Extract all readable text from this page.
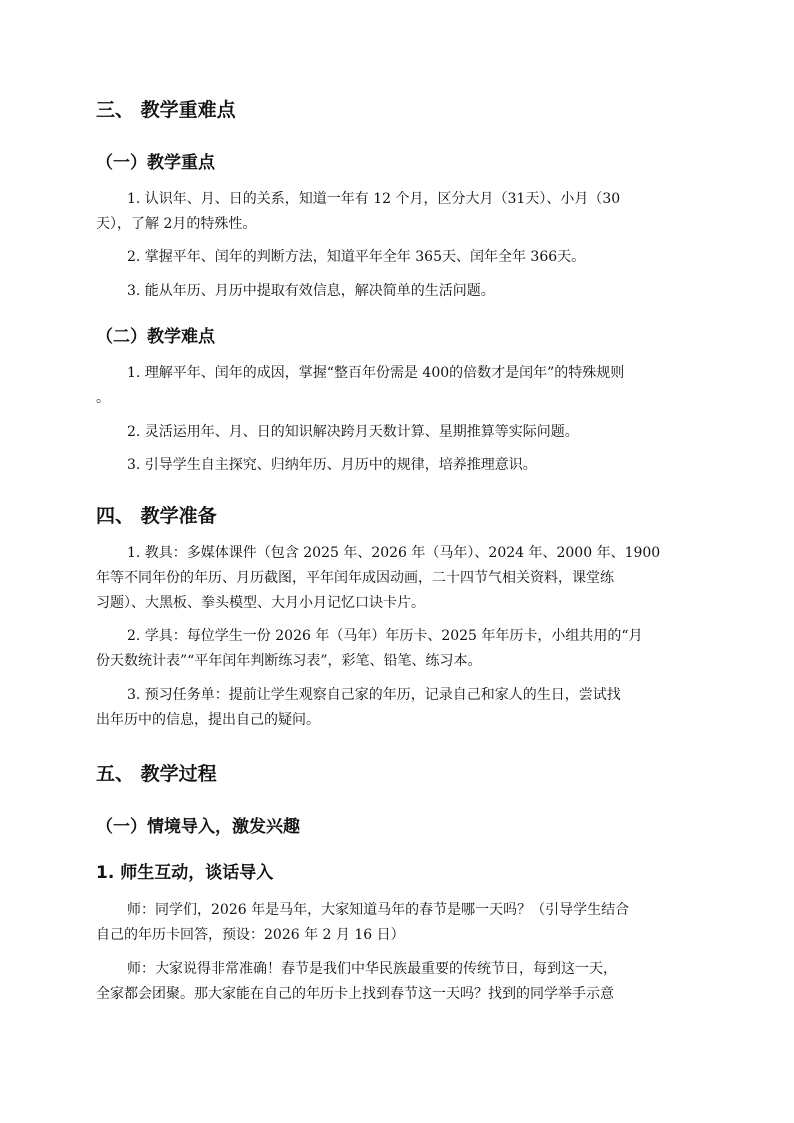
三、 教学重难点
（一）教学重点
1. 认识年、月、日的关系，知道一年有 12 个月，区分大月（31天）、小月（30
天），了解 2月的特殊性。
2. 掌握平年、闰年的判断方法，知道平年全年 365天、闰年全年 366天。
3. 能从年历、月历中提取有效信息，解决简单的生活问题。
（二）教学难点
1. 理解平年、闰年的成因，掌握“整百年份需是 400的倍数才是闰年”的特殊规则
。
2. 灵活运用年、月、日的知识解决跨月天数计算、星期推算等实际问题。
3. 引导学生自主探究、归纳年历、月历中的规律，培养推理意识。
四、 教学准备
1. 教具：多媒体课件（包含 2025 年、2026 年（马年）、2024 年、2000 年、1900
年等不同年份的年历、月历截图，平年闰年成因动画，二十四节气相关资料，课堂练
习题）、大黑板、拳头模型、大月小月记忆口诀卡片。
2. 学具：每位学生一份 2026 年（马年）年历卡、2025 年年历卡，小组共用的“月
份天数统计表”“平年闰年判断练习表”，彩笔、铅笔、练习本。
3. 预习任务单：提前让学生观察自己家的年历，记录自己和家人的生日，尝试找
出年历中的信息，提出自己的疑问。
五、 教学过程
（一）情境导入，激发兴趣
1. 师生互动，谈话导入
师：同学们，2026 年是马年，大家知道马年的春节是哪一天吗？（引导学生结合
自己的年历卡回答，预设：2026 年 2 月 16 日）
师：大家说得非常准确！春节是我们中华民族最重要的传统节日，每到这一天，
全家都会团聚。那大家能在自己的年历卡上找到春节这一天吗？找到的同学举手示意
